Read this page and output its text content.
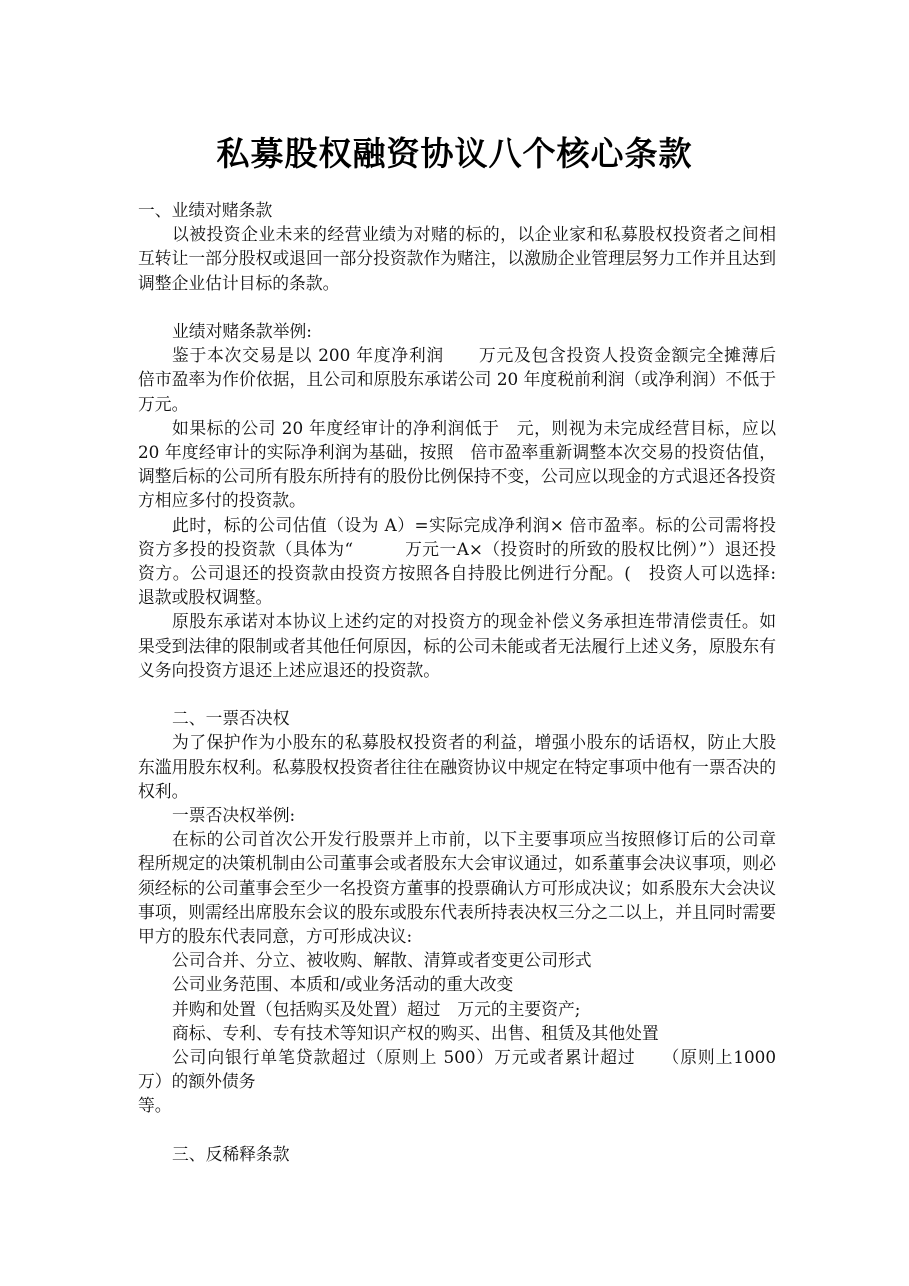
私募股权融资协议八个核心条款

一、业绩对赌条款

以被投资企业未来的经营业绩为对赌的标的，以企业家和私募股权投资者之间相互转让一部分股权或退回一部分投资款作为赌注，以激励企业管理层努力工作并且达到调整企业估计目标的条款。

业绩对赌条款举例:

鉴于本次交易是以 200 年度净利润　　万元及包含投资人投资金额完全摊薄后　倍市盈率为作价依据，且公司和原股东承诺公司 20 年度税前利润（或净利润）不低于　　万元。

如果标的公司 20 年度经审计的净利润低于　元，则视为未完成经营目标，应以 20 年度经审计的实际净利润为基础，按照　倍市盈率重新调整本次交易的投资估值，调整后标的公司所有股东所持有的股份比例保持不变，公司应以现金的方式退还各投资方相应多付的投资款。

此时，标的公司估值（设为 A）=实际完成净利润× 倍市盈率。标的公司需将投资方多投的投资款（具体为“　　　万元一A×（投资时的所致的股权比例）”）退还投资方。公司退还的投资款由投资方按照各自持股比例进行分配。(　投资人可以选择:　退款或股权调整。

原股东承诺对本协议上述约定的对投资方的现金补偿义务承担连带清偿责任。如果受到法律的限制或者其他任何原因，标的公司未能或者无法履行上述义务，原股东有义务向投资方退还上述应退还的投资款。

二、一票否决权

为了保护作为小股东的私募股权投资者的利益，增强小股东的话语权，防止大股东滥用股东权利。私募股权投资者往往在融资协议中规定在特定事项中他有一票否决的权利。

一票否决权举例:

在标的公司首次公开发行股票并上市前，以下主要事项应当按照修订后的公司章程所规定的决策机制由公司董事会或者股东大会审议通过，如系董事会决议事项，则必须经标的公司董事会至少一名投资方董事的投票确认方可形成决议；如系股东大会决议事项，则需经出席股东会议的股东或股东代表所持表决权三分之二以上，并且同时需要甲方的股东代表同意，方可形成决议:

公司合并、分立、被收购、解散、清算或者变更公司形式

公司业务范围、本质和/或业务活动的重大改变

并购和处置（包括购买及处置）超过　万元的主要资产;

商标、专利、专有技术等知识产权的购买、出售、租赁及其他处置

公司向银行单笔贷款超过（原则上 500）万元或者累计超过　　（原则上1000 万）的额外债务

等。

三、反稀释条款
